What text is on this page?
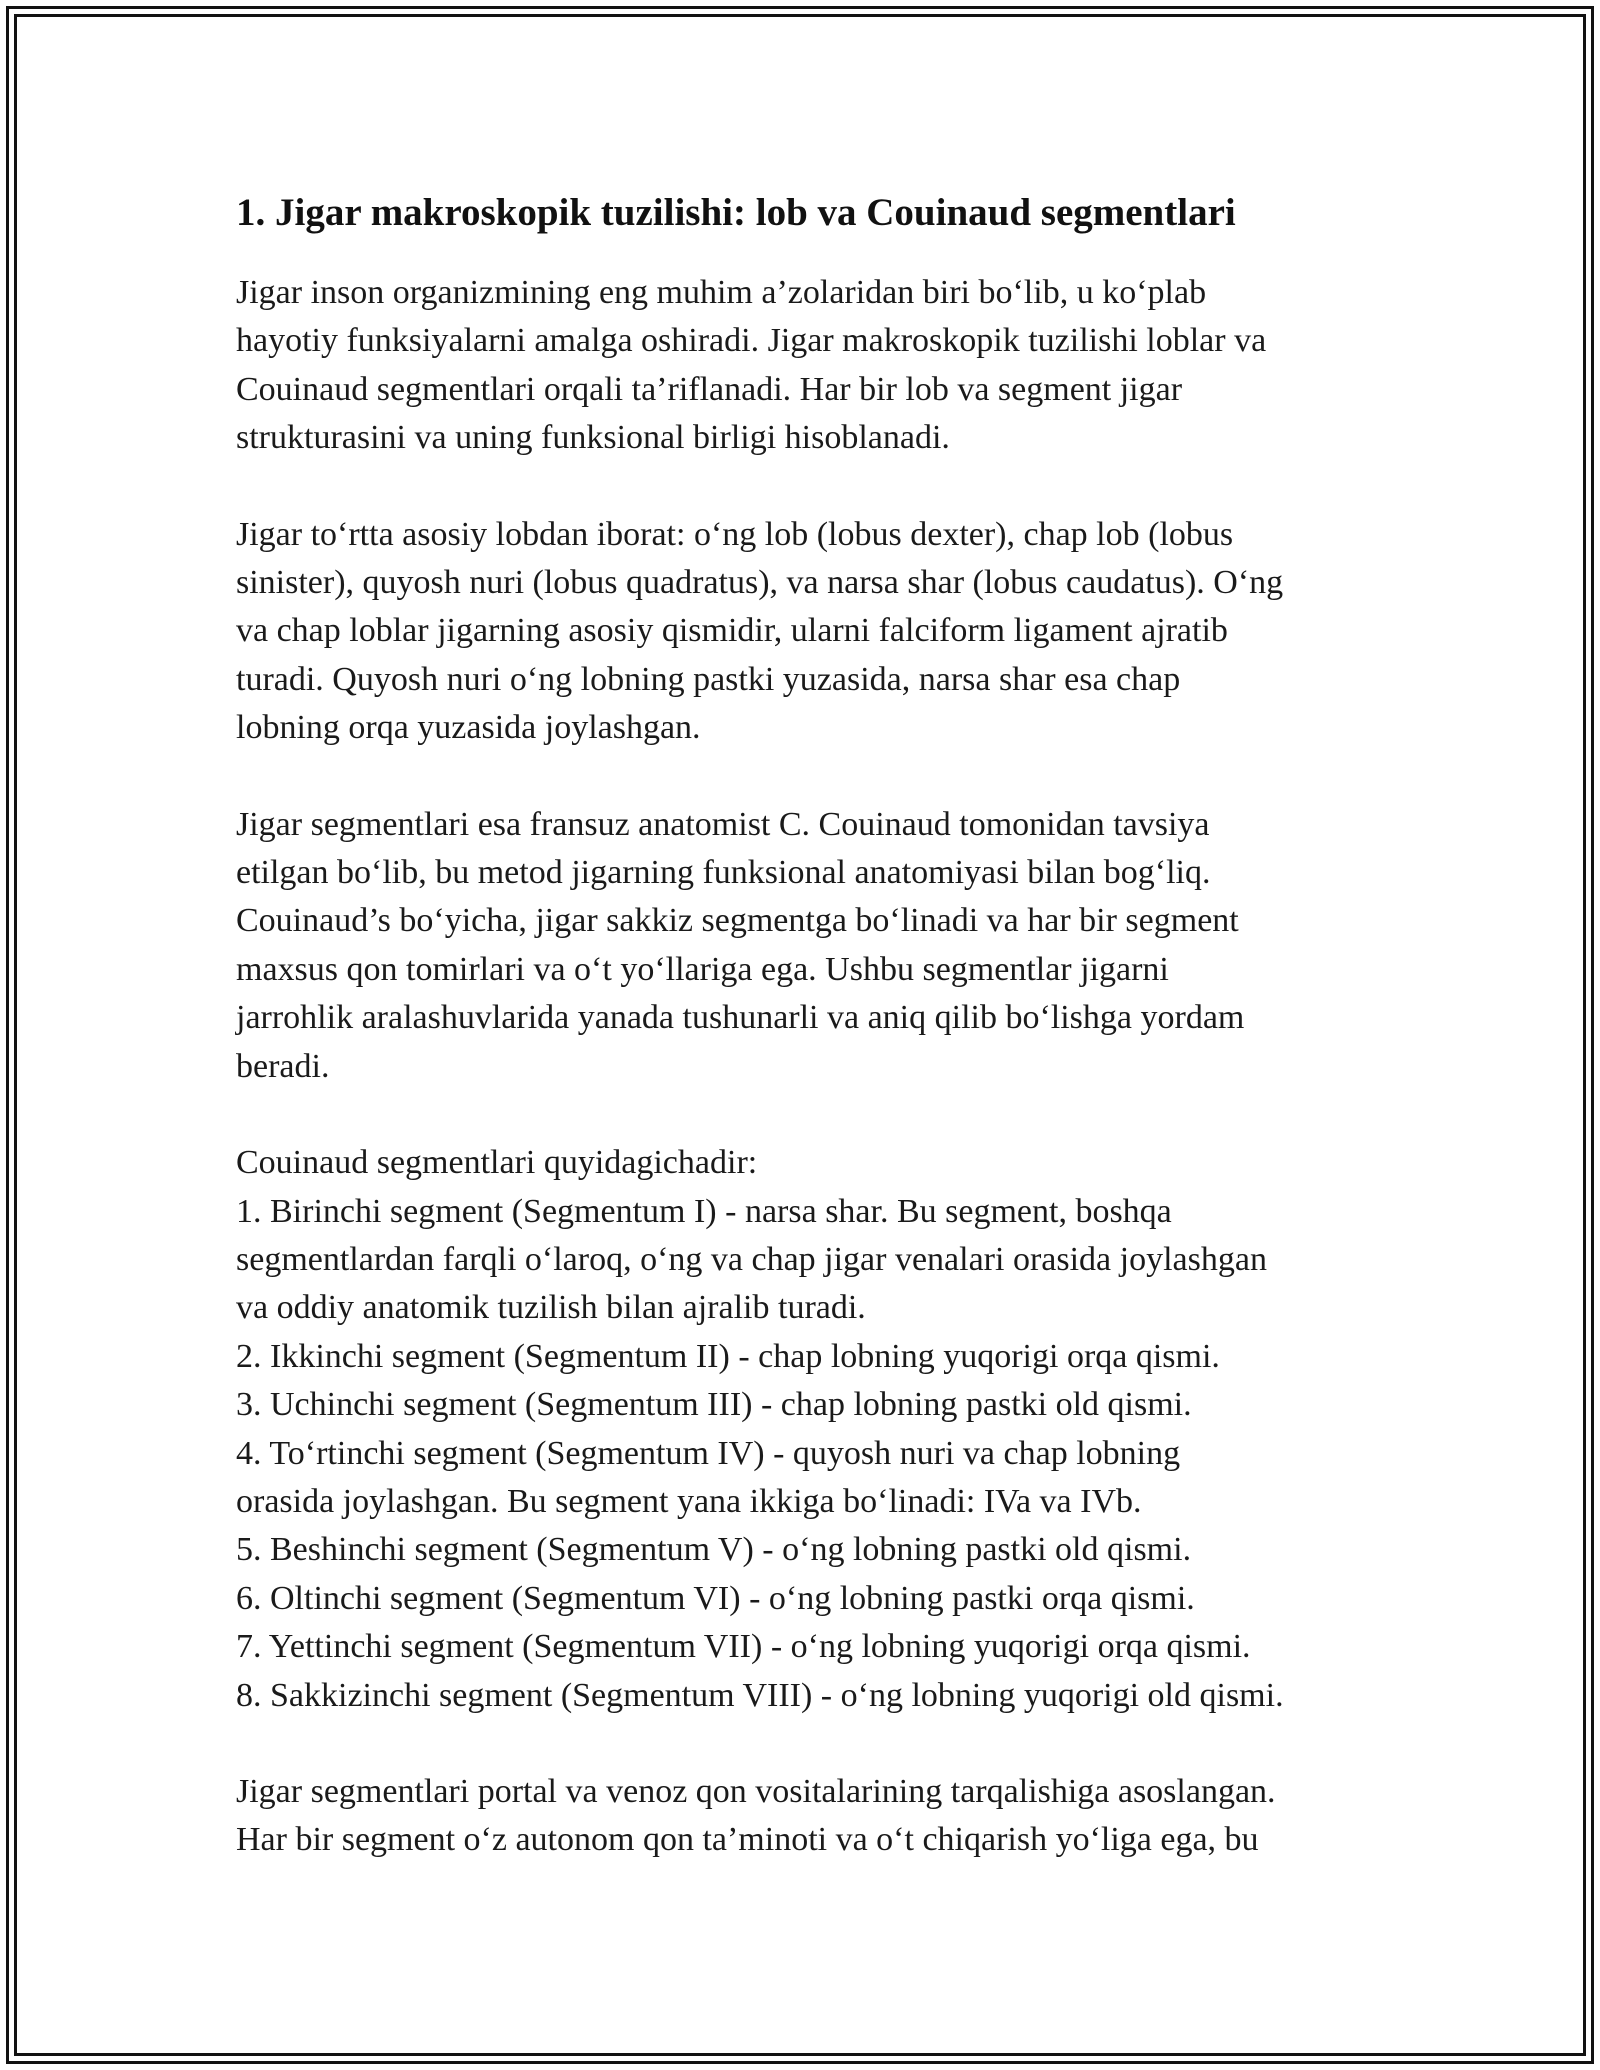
1. Jigar makroskopik tuzilishi: lob va Couinaud segmentlari

Jigar inson organizmining eng muhim a’zolaridan biri bo‘lib, u ko‘plab
hayotiy funksiyalarni amalga oshiradi. Jigar makroskopik tuzilishi loblar va
Couinaud segmentlari orqali ta’riflanadi. Har bir lob va segment jigar
strukturasini va uning funksional birligi hisoblanadi.

Jigar to‘rtta asosiy lobdan iborat: o‘ng lob (lobus dexter), chap lob (lobus
sinister), quyosh nuri (lobus quadratus), va narsa shar (lobus caudatus). O‘ng
va chap loblar jigarning asosiy qismidir, ularni falciform ligament ajratib
turadi. Quyosh nuri o‘ng lobning pastki yuzasida, narsa shar esa chap
lobning orqa yuzasida joylashgan.

Jigar segmentlari esa fransuz anatomist C. Couinaud tomonidan tavsiya
etilgan bo‘lib, bu metod jigarning funksional anatomiyasi bilan bog‘liq.
Couinaud’s bo‘yicha, jigar sakkiz segmentga bo‘linadi va har bir segment
maxsus qon tomirlari va o‘t yo‘llariga ega. Ushbu segmentlar jigarni
jarrohlik aralashuvlarida yanada tushunarli va aniq qilib bo‘lishga yordam
beradi.

Couinaud segmentlari quyidagichadir:
1. Birinchi segment (Segmentum I) - narsa shar. Bu segment, boshqa
segmentlardan farqli o‘laroq, o‘ng va chap jigar venalari orasida joylashgan
va oddiy anatomik tuzilish bilan ajralib turadi.
2. Ikkinchi segment (Segmentum II) - chap lobning yuqorigi orqa qismi.
3. Uchinchi segment (Segmentum III) - chap lobning pastki old qismi.
4. To‘rtinchi segment (Segmentum IV) - quyosh nuri va chap lobning
orasida joylashgan. Bu segment yana ikkiga bo‘linadi: IVa va IVb.
5. Beshinchi segment (Segmentum V) - o‘ng lobning pastki old qismi.
6. Oltinchi segment (Segmentum VI) - o‘ng lobning pastki orqa qismi.
7. Yettinchi segment (Segmentum VII) - o‘ng lobning yuqorigi orqa qismi.
8. Sakkizinchi segment (Segmentum VIII) - o‘ng lobning yuqorigi old qismi.

Jigar segmentlari portal va venoz qon vositalarining tarqalishiga asoslangan.
Har bir segment o‘z autonom qon ta’minoti va o‘t chiqarish yo‘liga ega, bu
